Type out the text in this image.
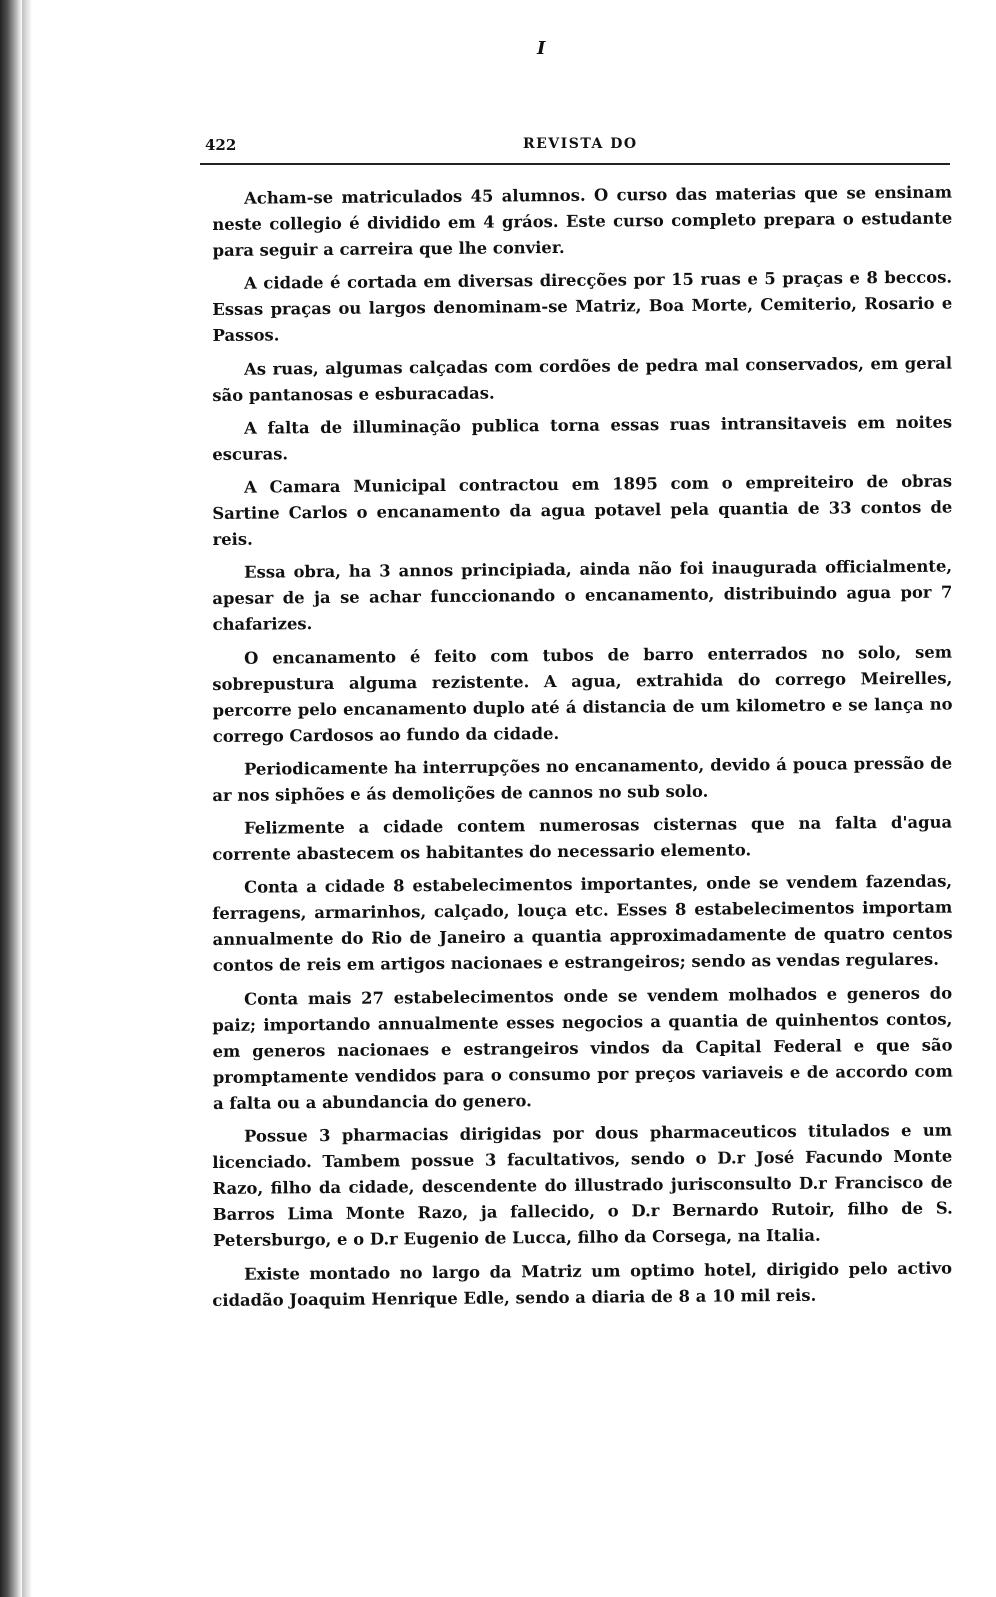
I
422	REVISTA DO

Acham-se matriculados 45 alumnos. O curso das materias que se ensinam neste collegio é dividido em 4 gráos. Este curso completo prepara o estudante para seguir a carreira que lhe convier.

A cidade é cortada em diversas direcções por 15 ruas e 5 praças e 8 beccos. Essas praças ou largos denominam-se Matriz, Boa Morte, Cemiterio, Rosario e Passos.

As ruas, algumas calçadas com cordões de pedra mal conservados, em geral são pantanosas e esburacadas.

A falta de illuminação publica torna essas ruas intransitaveis em noites escuras.

A Camara Municipal contractou em 1895 com o empreiteiro de obras Sartine Carlos o encanamento da agua potavel pela quantia de 33 contos de reis.

Essa obra, ha 3 annos principiada, ainda não foi inaugurada officialmente, apesar de ja se achar funccionando o encanamento, distribuindo agua por 7 chafarizes.

O encanamento é feito com tubos de barro enterrados no solo, sem sobrepustura alguma rezistente. A agua, extrahida do corrego Meirelles, percorre pelo encanamento duplo até á distancia de um kilometro e se lança no corrego Cardosos ao fundo da cidade.

Periodicamente ha interrupções no encanamento, devido á pouca pressão de ar nos siphões e ás demolições de cannos no sub solo.

Felizmente a cidade contem numerosas cisternas que na falta d'agua corrente abastecem os habitantes do necessario elemento.

Conta a cidade 8 estabelecimentos importantes, onde se vendem fazendas, ferragens, armarinhos, calçado, louça etc. Esses 8 estabelecimentos importam annualmente do Rio de Janeiro a quantia approximadamente de quatro centos contos de reis em artigos nacionaes e estrangeiros; sendo as vendas regulares.

Conta mais 27 estabelecimentos onde se vendem molhados e generos do paiz; importando annualmente esses negocios a quantia de quinhentos contos, em generos nacionaes e estrangeiros vindos da Capital Federal e que são promptamente vendidos para o consumo por preços variaveis e de accordo com a falta ou a abundancia do genero.

Possue 3 pharmacias dirigidas por dous pharmaceuticos titulados e um licenciado. Tambem possue 3 facultativos, sendo o D.r José Facundo Monte Razo, filho da cidade, descendente do illustrado jurisconsulto D.r Francisco de Barros Lima Monte Razo, ja fallecido, o D.r Bernardo Rutoir, filho de S. Petersburgo, e o D.r Eugenio de Lucca, filho da Corsega, na Italia.

Existe montado no largo da Matriz um optimo hotel, dirigido pelo activo cidadão Joaquim Henrique Edle, sendo a diaria de 8 a 10 mil reis.
